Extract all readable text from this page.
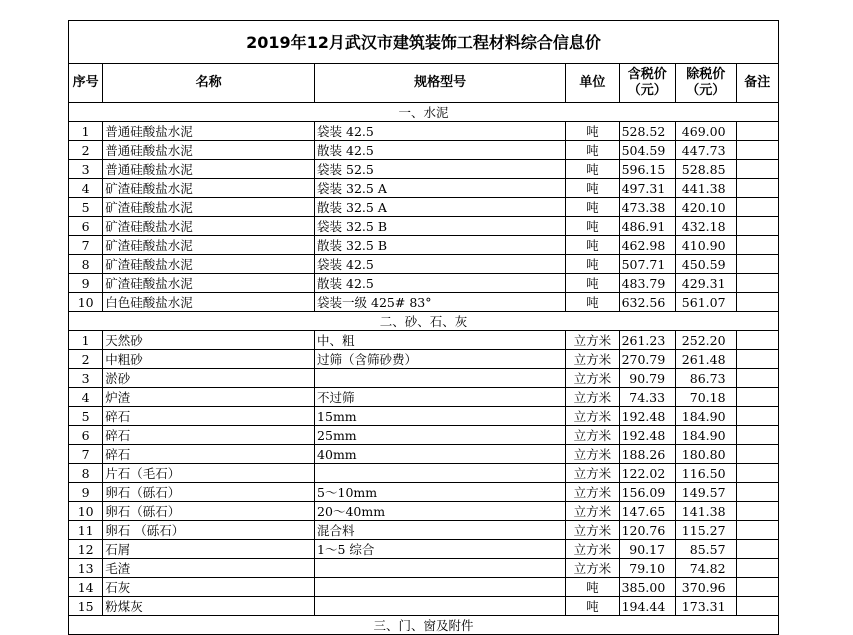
2019年12月武汉市建筑装饰工程材料综合信息价						
序号	名称	规格型号	单位	含税价（元）	除税价（元）	备注
一、水泥						
1	普通硅酸盐水泥	袋装 42.5	吨	528.52	469.00	
2	普通硅酸盐水泥	散装 42.5	吨	504.59	447.73	
3	普通硅酸盐水泥	袋装 52.5	吨	596.15	528.85	
4	矿渣硅酸盐水泥	袋装 32.5 A	吨	497.31	441.38	
5	矿渣硅酸盐水泥	散装 32.5 A	吨	473.38	420.10	
6	矿渣硅酸盐水泥	袋装 32.5 B	吨	486.91	432.18	
7	矿渣硅酸盐水泥	散装 32.5 B	吨	462.98	410.90	
8	矿渣硅酸盐水泥	袋装 42.5	吨	507.71	450.59	
9	矿渣硅酸盐水泥	散装 42.5	吨	483.79	429.31	
10	白色硅酸盐水泥	袋装一级 425# 83°	吨	632.56	561.07	
二、砂、石、灰						
1	天然砂	中、粗	立方米	261.23	252.20	
2	中粗砂	过筛（含筛砂费）	立方米	270.79	261.48	
3	淤砂		立方米	90.79	86.73	
4	炉渣	不过筛	立方米	74.33	70.18	
5	碎石	15mm	立方米	192.48	184.90	
6	碎石	25mm	立方米	192.48	184.90	
7	碎石	40mm	立方米	188.26	180.80	
8	片石（毛石）		立方米	122.02	116.50	
9	卵石（砾石）	5～10mm	立方米	156.09	149.57	
10	卵石（砾石）	20～40mm	立方米	147.65	141.38	
11	卵石 （砾石）	混合料	立方米	120.76	115.27	
12	石屑	1～5 综合	立方米	90.17	85.57	
13	毛渣		立方米	79.10	74.82	
14	石灰		吨	385.00	370.96	
15	粉煤灰		吨	194.44	173.31	
三、门、窗及附件						
